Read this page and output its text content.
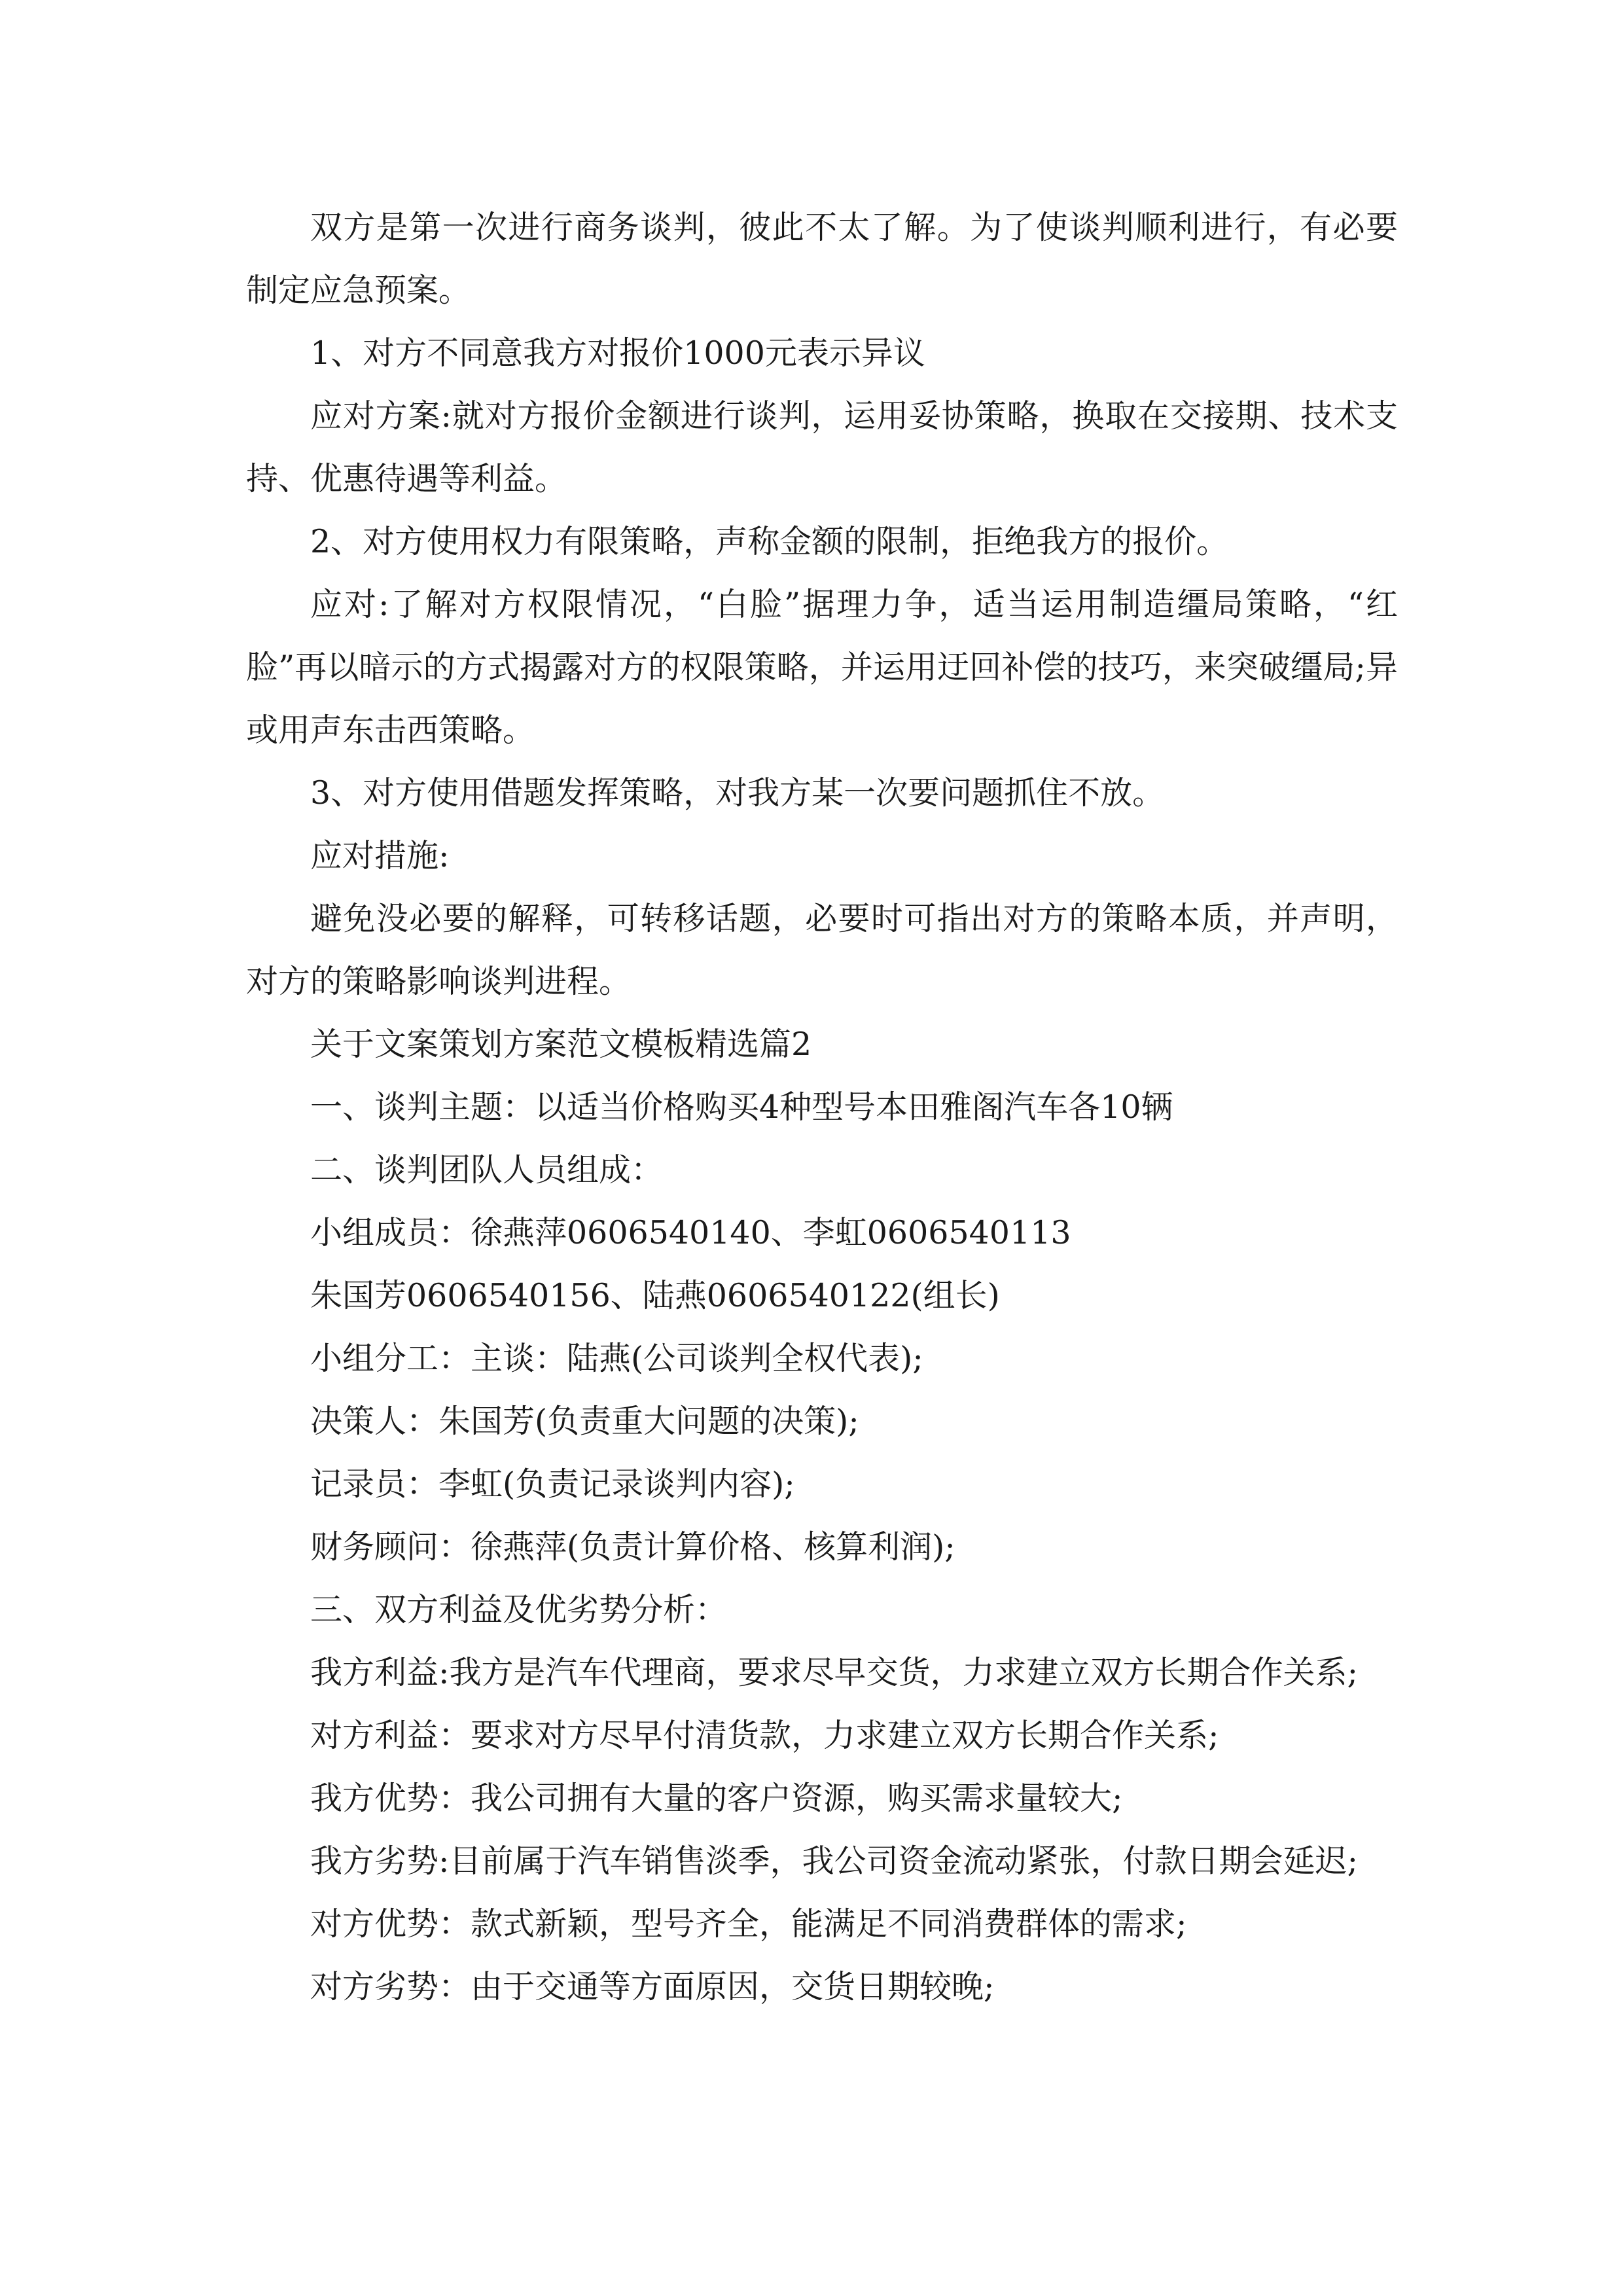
双方是第一次进行商务谈判，彼此不太了解。为了使谈判顺利进行，有必要制定应急预案。

1、对方不同意我方对报价1000元表示异议

应对方案:就对方报价金额进行谈判，运用妥协策略，换取在交接期、技术支持、优惠待遇等利益。

2、对方使用权力有限策略，声称金额的限制，拒绝我方的报价。

应对:了解对方权限情况，“白脸”据理力争，适当运用制造缰局策略，“红脸”再以暗示的方式揭露对方的权限策略，并运用迂回补偿的技巧，来突破缰局;异或用声东击西策略。

3、对方使用借题发挥策略，对我方某一次要问题抓住不放。

应对措施:

避免没必要的解释，可转移话题，必要时可指出对方的策略本质，并声明，对方的策略影响谈判进程。

关于文案策划方案范文模板精选篇2

一、谈判主题：以适当价格购买4种型号本田雅阁汽车各10辆

二、谈判团队人员组成：

小组成员：徐燕萍0606540140、李虹0606540113

朱国芳0606540156、陆燕0606540122(组长)

小组分工：主谈：陆燕(公司谈判全权代表);

决策人：朱国芳(负责重大问题的决策);

记录员：李虹(负责记录谈判内容);

财务顾问：徐燕萍(负责计算价格、核算利润);

三、双方利益及优劣势分析：

我方利益:我方是汽车代理商，要求尽早交货，力求建立双方长期合作关系;

对方利益：要求对方尽早付清货款，力求建立双方长期合作关系;

我方优势：我公司拥有大量的客户资源，购买需求量较大;

我方劣势:目前属于汽车销售淡季，我公司资金流动紧张，付款日期会延迟;

对方优势：款式新颖，型号齐全，能满足不同消费群体的需求;

对方劣势：由于交通等方面原因，交货日期较晚;
